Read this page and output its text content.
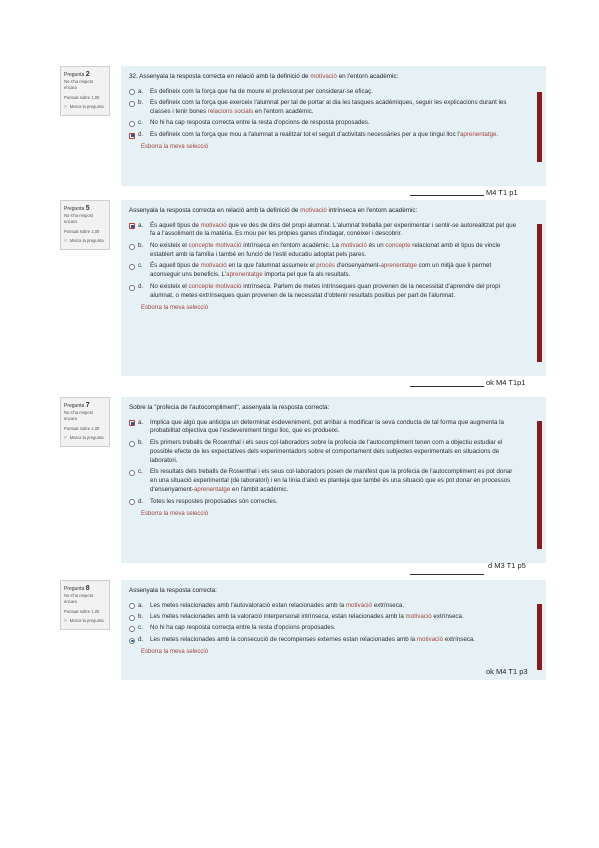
Pregunta 2
No s'ha respost encara
Puntuat sobre 1,00
⚐ Marca la pregunta
32. Assenyala la resposta correcta en relació amb la definició de motivació en l'entorn acadèmic:
a.	Es defineix com la força que ha de moure el professorat per considerar-se eficaç.
b.	Es defineix com la força que exerceix l'alumnat per tal de portar al dia les tasques acadèmiques, seguir les explicacions durant les classes i tenir bones relacions socials en l'entorn acadèmic.
c.	No hi ha cap resposta correcta entre la resta d'opcions de resposta proposades.
d.	Es defineix com la força que mou a l'alumnat a realitzar tot el seguit d'activitats necessàries per a que tingui lloc l'aprenentatge.
Esborra la meva selecció
M4 T1 p1
Pregunta 5
No s'ha respost encara
Puntuat sobre 1,00
⚐ Marca la pregunta
Assenyala la resposta correcta en relació amb la definició de motivació intrínseca en l'entorn acadèmic:
a.	És aquell tipus de motivació que ve des de dins del propi alumnat. L'alumnat treballa per experimentar i sentir-se autorealitzat pel que fa a l'assoliment de la matèria. Es mou per les pròpies ganes d'indagar, conèixer i descobrir.
b.	No existeix el concepte motivació intrínseca en l'entorn acadèmic. La motivació és un concepte relacionat amb el tipus de vincle establert amb la família i també en funció de l'estil educatiu adoptat pels pares.
c.	És aquell tipus de motivació en la que l'alumnat assumeix el procés d'ensenyament-aprenentatge com un mitjà que li permet aconseguir uns beneficis. L'aprenentatge importa pel que fa als resultats.
d.	No existeix el concepte motivació intrínseca. Parlem de metes intrínseques quan provenen de la necessitat d'aprendre del propi alumnat, o metes extrínseques quan provenen de la necessitat d'obtenir resultats positius per part de l'alumnat.
Esborra la meva selecció
ok M4 T1p1
Pregunta 7
No s'ha respost encara
Puntuat sobre 1,00
⚐ Marca la pregunta
Sobre la "profecia de l'autocompliment", assenyala la resposta correcta:
a.	Implica que algú que anticipa un determinat esdeveniment, pot arribar a modificar la seva conducta de tal forma que augmenta la probabilitat objectiva que l'esdeveniment tingui lloc, que es produeixi.
b.	Els primers treballs de Rosenthal i els seus col·laboradors sobre la profecia de l'autocompliment tenen com a objectiu estudiar el possible efecte de les expectatives dels experimentadors sobre el comportament dels subjectes experimentals en situacions de laboratori.
c.	Els resultats dels treballs de Rosenthal i els seus col·laboradors posen de manifest que la profecia de l'autocompliment es pot donar en una situació experimental (de laboratori) i en la línia d'això es planteja que també és una situació que es pot donar en processos d'ensenyament-aprenentatge en l'àmbit acadèmic.
d.	Totes les respostes proposades són correctes.
Esborra la meva selecció
d M3 T1 p5
Pregunta 8
No s'ha respost encara
Puntuat sobre 1,00
⚐ Marca la pregunta
Assenyala la resposta correcta:
a.	Les metes relacionades amb l'autovaloració estan relacionades amb la motivació extrínseca.
b.	Les metes relacionades amb la valoració interpersonal intrínseca, estan relacionades amb la motivació extrínseca.
c.	No hi ha cap resposta correcta entre la resta d'opcions proposades.
d.	Les metes relacionades amb la consecució de recompenses externes estan relacionades amb la motivació extrínseca.
Esborra la meva selecció
ok M4 T1 p3
